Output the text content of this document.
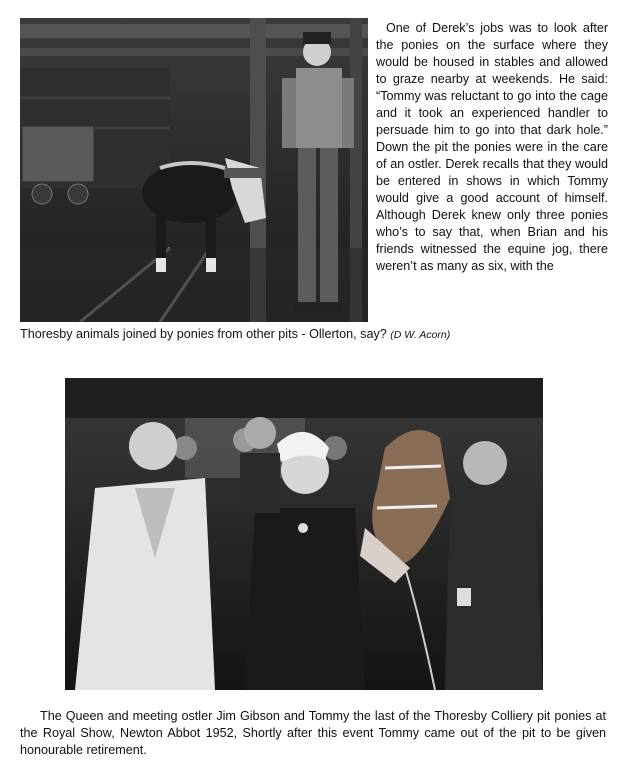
One of Derek’s jobs was to look after the ponies on the surface where they would be housed in stables and allowed to graze nearby at weekends. He said: “Tommy was reluctant to go into the cage and it took an experienced handler to persuade him to go into that dark hole.” Down the pit the ponies were in the care of an ostler. Derek recalls that they would be entered in shows in which Tommy would give a good account of himself. Although Derek knew only three ponies who’s to say that, when Brian and his friends witnessed the equine jog, there weren’t as many as six, with the

Thoresby animals joined by ponies from other pits - Ollerton, say? (D W. Acorn)

The Queen and meeting ostler Jim Gibson and Tommy the last of the Thoresby Colliery pit ponies at the Royal Show, Newton Abbot 1952, Shortly after this event Tommy came out of the pit to be given honourable retirement.
